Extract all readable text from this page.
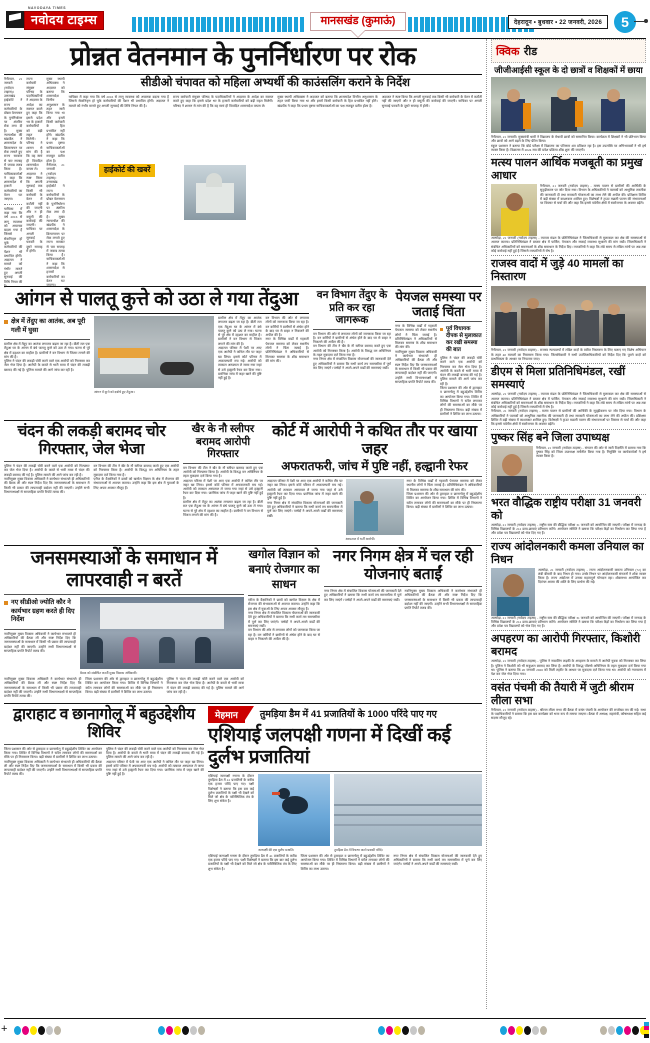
NAVODAYA TIMES
नवोदय टाइम्स	मानसखंड (कुमाऊं)	देहरादून • बुधवार • 22 जनवरी, 2026	5
प्रोन्नत वेतनमान के पुनर्निर्धारण पर रोक
नैनीताल, 21 जनवरी (नवोदय टाइम्स)। उत्तराखंड हाईकोर्ट ने राज्य कर्मचारियों के प्रोन्नत वेतनमान के पुनर्निर्धारण पर अंतरिम रोक लगा दी है। मुख्य न्यायाधीश की खंडपीठ ने शासनादेश के क्रियान्वयन पर रोक लगाते हुए राज्य सरकार से चार सप्ताह में जवाब तलब किया है। याचिकाकर्ताओं ने कहा कि शासनादेश से हजारों कर्मचारियों का वेतन घट जाएगा।
याचिका में कहा गया कि वर्ष 2016 से लागू व्यवस्था को अचानक बदला गया है जिससे सेवानिवृत्त हो चुके कर्मचारियों की पेंशन भी प्रभावित होगी। अदालत ने मामले को गंभीर मानते हुए अगली सुनवाई की तिथि नियत की है।
राज्य कर्मचारी संयुक्त परिषद के पदाधिकारियों ने अदालत के आदेश का स्वागत करते हुए कहा कि इससे प्रदेश भर के हजारों कर्मचारियों को बड़ी राहत मिलेगी। परिषद ने शासन से मांग की है कि वह स्वयं ही विवादित शासनादेश वापस ले।
अदालत ने स्पष्ट किया कि अगली सुनवाई तक किसी भी कर्मचारी के वेतन में कटौती नहीं की जाएगी और न ही वसूली की कार्रवाई की जाएगी। याचिका पर अगली सुनवाई फरवरी के दूसरे सप्ताह में होगी।
मुख्य स्थायी अधिवक्ता ने अदालत को बताया कि शासनादेश वित्तीय अनुशासन के तहत जारी किया गया था और इसमें किसी कर्मचारी के हित प्रभावित नहीं होंगे। खंडपीठ ने कहा कि प्रथम दृष्टया याचिकाकर्ताओं का पक्ष मजबूत प्रतीत होता है।
नैनीताल, 21 जनवरी (नवोदय टाइम्स)। उत्तराखंड हाईकोर्ट ने राज्य कर्मचारियों के प्रोन्नत वेतनमान के पुनर्निर्धारण पर अंतरिम रोक लगा दी है। मुख्य न्यायाधीश की खंडपीठ ने शासनादेश के क्रियान्वयन पर रोक लगाते हुए राज्य सरकार से चार सप्ताह में जवाब तलब किया है। याचिकाकर्ताओं ने कहा कि शासनादेश से हजारों कर्मचारियों का वेतन घट जाएगा।
सीडीओ चंपावत को महिला अभ्यर्थी की काउंसलिंग कराने के निर्देश
याचिका में कहा गया कि वर्ष 2016 से लागू व्यवस्था को अचानक बदला गया है जिससे सेवानिवृत्त हो चुके कर्मचारियों की पेंशन भी प्रभावित होगी। अदालत ने मामले को गंभीर मानते हुए अगली सुनवाई की तिथि नियत की है।
राज्य कर्मचारी संयुक्त परिषद के पदाधिकारियों ने अदालत के आदेश का स्वागत करते हुए कहा कि इससे प्रदेश भर के हजारों कर्मचारियों को बड़ी राहत मिलेगी। परिषद ने शासन से मांग की है कि वह स्वयं ही विवादित शासनादेश वापस ले।
मुख्य स्थायी अधिवक्ता ने अदालत को बताया कि शासनादेश वित्तीय अनुशासन के तहत जारी किया गया था और इसमें किसी कर्मचारी के हित प्रभावित नहीं होंगे। खंडपीठ ने कहा कि प्रथम दृष्टया याचिकाकर्ताओं का पक्ष मजबूत प्रतीत होता है।
अदालत ने स्पष्ट किया कि अगली सुनवाई तक किसी भी कर्मचारी के वेतन में कटौती नहीं की जाएगी और न ही वसूली की कार्रवाई की जाएगी। याचिका पर अगली सुनवाई फरवरी के दूसरे सप्ताह में होगी।
हाईकोर्ट की खबरें
आंगन से पालतू कुत्ते को उठा ले गया तेंदुआ
क्षेत्र में तेंदुए का आतंक, अब पूरी गली में घुसा
ग्रामीण क्षेत्र में तेंदुए का आतंक लगातार बढ़ता जा रहा है। बीती रात एक तेंदुआ घर के आंगन में बंधे पालतू कुत्ते को उठा ले गया। घटना से पूरे क्षेत्र में दहशत का माहौल है। ग्रामीणों ने वन विभाग से पिंजरा लगाने की मांग की है।
पुलिस ने चंदन की लकड़ी चोरी करने वाले एक आरोपी को गिरफ्तार कर जेल भेज दिया है। आरोपी के कब्जे से भारी मात्रा में चंदन की लकड़ी बरामद की गई है। पुलिस मामले की आगे जांच कर रही है।
आंगन में कुत्ते को दबोचे हुए तेंदुआ।
ग्रामीण क्षेत्र में तेंदुए का आतंक लगातार बढ़ता जा रहा है। बीती रात एक तेंदुआ घर के आंगन में बंधे पालतू कुत्ते को उठा ले गया। घटना से पूरे क्षेत्र में दहशत का माहौल है। ग्रामीणों ने वन विभाग से पिंजरा लगाने की मांग की है।
अदालत परिसर में पेशी पर आए एक आरोपी ने कथित तौर पर जहर खा लिया। इससे कोर्ट परिसर में अफरातफरी मच गई। आरोपी को तत्काल अस्पताल ले जाया गया जहां से उसे हल्द्वानी रेफर कर दिया गया। प्रारंभिक जांच में जहर खाने की पुष्टि नहीं हुई है।
वन विभाग की ओर से लगातार लोगों को जागरूक किया जा रहा है। वन कर्मियों ने ग्रामीणों से अंधेरा होने के बाद घर से बाहर न निकलने की अपील की है।
नगर के विभिन्न वार्डों में गहराती पेयजल समस्या को लेकर स्थानीय लोगों ने चिंता जताई है। प्रतिनिधिमंडल ने अधिकारियों से मिलकर समस्या के शीघ्र समाधान की मांग की।
वन विभाग तेंदुए के प्रति कर रहा जागरूक
वन विभाग की ओर से लगातार लोगों को जागरूक किया जा रहा है। वन कर्मियों ने ग्रामीणों से अंधेरा होने के बाद घर से बाहर न निकलने की अपील की है।
वन विभाग की टीम ने खैर के नौ स्लीपर बरामद करते हुए एक आरोपी को गिरफ्तार किया है। आरोपी के विरुद्ध वन अधिनियम के तहत मुकदमा दर्ज किया गया है।
नगर निगम क्षेत्र में संचालित विकास योजनाओं की जानकारी देते हुए अधिकारियों ने बताया कि सभी कार्य तय समयसीमा में पूर्ण कर लिए जाएंगे। पार्षदों ने अपने-अपने वार्डों की समस्याएं रखीं।
पेयजल समस्या पर जताई चिंता
नगर के विभिन्न वार्डों में गहराती पेयजल समस्या को लेकर स्थानीय लोगों ने चिंता जताई है। प्रतिनिधिमंडल ने अधिकारियों से मिलकर समस्या के शीघ्र समाधान की मांग की।
नवनियुक्त मुख्य विकास अधिकारी ने कार्यभार संभालते ही अधिकारियों की बैठक ली और स्पष्ट निर्देश दिए कि जनसमस्याओं के समाधान में किसी भी प्रकार की लापरवाही बर्दाश्त नहीं की जाएगी। उन्होंने सभी विभागाध्यक्षों से साप्ताहिक प्रगति रिपोर्ट तलब की।
पूर्व विधायक दीपक से मुलाकात कर रखी समस्या की बात
पुलिस ने चंदन की लकड़ी चोरी करने वाले एक आरोपी को गिरफ्तार कर जेल भेज दिया है। आरोपी के कब्जे से भारी मात्रा में चंदन की लकड़ी बरामद की गई है। पुलिस मामले की आगे जांच कर रही है।
जिला प्रशासन की ओर से द्वाराहाट व छानागोलू में बहुउद्देशीय शिविर का आयोजन किया गया। शिविर में विभिन्न विभागों ने स्टॉल लगाकर लोगों की समस्याओं का मौके पर ही निस्तारण किया। बड़ी संख्या में ग्रामीणों ने शिविर का लाभ उठाया।
चंदन की लकड़ी बरामद चोर गिरफ्तार, जेल भेजा
पुलिस ने चंदन की लकड़ी चोरी करने वाले एक आरोपी को गिरफ्तार कर जेल भेज दिया है। आरोपी के कब्जे से भारी मात्रा में चंदन की लकड़ी बरामद की गई है। पुलिस मामले की आगे जांच कर रही है।
नवनियुक्त मुख्य विकास अधिकारी ने कार्यभार संभालते ही अधिकारियों की बैठक ली और स्पष्ट निर्देश दिए कि जनसमस्याओं के समाधान में किसी भी प्रकार की लापरवाही बर्दाश्त नहीं की जाएगी। उन्होंने सभी विभागाध्यक्षों से साप्ताहिक प्रगति रिपोर्ट तलब की।
वन विभाग की टीम ने खैर के नौ स्लीपर बरामद करते हुए एक आरोपी को गिरफ्तार किया है। आरोपी के विरुद्ध वन अधिनियम के तहत मुकदमा दर्ज किया गया है।
एरीज के वैज्ञानिकों ने छात्रों को खगोल विज्ञान के क्षेत्र में रोजगार की संभावनाओं से अवगत कराया। उन्होंने कहा कि इस क्षेत्र में युवाओं के लिए अपार अवसर मौजूद हैं।
खैर के नौ स्लीपर बरामद आरोपी गिरफ्तार
वन विभाग की टीम ने खैर के नौ स्लीपर बरामद करते हुए एक आरोपी को गिरफ्तार किया है। आरोपी के विरुद्ध वन अधिनियम के तहत मुकदमा दर्ज किया गया है।
अदालत परिसर में पेशी पर आए एक आरोपी ने कथित तौर पर जहर खा लिया। इससे कोर्ट परिसर में अफरातफरी मच गई। आरोपी को तत्काल अस्पताल ले जाया गया जहां से उसे हल्द्वानी रेफर कर दिया गया। प्रारंभिक जांच में जहर खाने की पुष्टि नहीं हुई है।
ग्रामीण क्षेत्र में तेंदुए का आतंक लगातार बढ़ता जा रहा है। बीती रात एक तेंदुआ घर के आंगन में बंधे पालतू कुत्ते को उठा ले गया। घटना से पूरे क्षेत्र में दहशत का माहौल है। ग्रामीणों ने वन विभाग से पिंजरा लगाने की मांग की है।
कोर्ट में आरोपी ने कथित तौर पर खाया जहर
अफरातफरी, जांच में पुष्टि नहीं, हल्द्वानी रेफर
अदालत परिसर में पेशी पर आए एक आरोपी ने कथित तौर पर जहर खा लिया। इससे कोर्ट परिसर में अफरातफरी मच गई। आरोपी को तत्काल अस्पताल ले जाया गया जहां से उसे हल्द्वानी रेफर कर दिया गया। प्रारंभिक जांच में जहर खाने की पुष्टि नहीं हुई है।
नगर निगम क्षेत्र में संचालित विकास योजनाओं की जानकारी देते हुए अधिकारियों ने बताया कि सभी कार्य तय समयसीमा में पूर्ण कर लिए जाएंगे। पार्षदों ने अपने-अपने वार्डों की समस्याएं रखीं।
अस्पताल में भर्ती आरोपी।
नगर के विभिन्न वार्डों में गहराती पेयजल समस्या को लेकर स्थानीय लोगों ने चिंता जताई है। प्रतिनिधिमंडल ने अधिकारियों से मिलकर समस्या के शीघ्र समाधान की मांग की।
जिला प्रशासन की ओर से द्वाराहाट व छानागोलू में बहुउद्देशीय शिविर का आयोजन किया गया। शिविर में विभिन्न विभागों ने स्टॉल लगाकर लोगों की समस्याओं का मौके पर ही निस्तारण किया। बड़ी संख्या में ग्रामीणों ने शिविर का लाभ उठाया।
जनसमस्याओं के समाधान में लापरवाही न बरतें
नए सीडीओ ज्योति कौर ने कार्यभार ग्रहण करते ही दिए निर्देश
नवनियुक्त मुख्य विकास अधिकारी ने कार्यभार संभालते ही अधिकारियों की बैठक ली और स्पष्ट निर्देश दिए कि जनसमस्याओं के समाधान में किसी भी प्रकार की लापरवाही बर्दाश्त नहीं की जाएगी। उन्होंने सभी विभागाध्यक्षों से साप्ताहिक प्रगति रिपोर्ट तलब की।
बैठक को संबोधित करतीं मुख्य विकास अधिकारी।
नवनियुक्त मुख्य विकास अधिकारी ने कार्यभार संभालते ही अधिकारियों की बैठक ली और स्पष्ट निर्देश दिए कि जनसमस्याओं के समाधान में किसी भी प्रकार की लापरवाही बर्दाश्त नहीं की जाएगी। उन्होंने सभी विभागाध्यक्षों से साप्ताहिक प्रगति रिपोर्ट तलब की।
जिला प्रशासन की ओर से द्वाराहाट व छानागोलू में बहुउद्देशीय शिविर का आयोजन किया गया। शिविर में विभिन्न विभागों ने स्टॉल लगाकर लोगों की समस्याओं का मौके पर ही निस्तारण किया। बड़ी संख्या में ग्रामीणों ने शिविर का लाभ उठाया।
पुलिस ने चंदन की लकड़ी चोरी करने वाले एक आरोपी को गिरफ्तार कर जेल भेज दिया है। आरोपी के कब्जे से भारी मात्रा में चंदन की लकड़ी बरामद की गई है। पुलिस मामले की आगे जांच कर रही है।
खगोल विज्ञान को बनाएं रोजगार का साधन
एरीज के वैज्ञानिकों ने छात्रों को खगोल विज्ञान के क्षेत्र में रोजगार की संभावनाओं से अवगत कराया। उन्होंने कहा कि इस क्षेत्र में युवाओं के लिए अपार अवसर मौजूद हैं।
नगर निगम क्षेत्र में संचालित विकास योजनाओं की जानकारी देते हुए अधिकारियों ने बताया कि सभी कार्य तय समयसीमा में पूर्ण कर लिए जाएंगे। पार्षदों ने अपने-अपने वार्डों की समस्याएं रखीं।
वन विभाग की ओर से लगातार लोगों को जागरूक किया जा रहा है। वन कर्मियों ने ग्रामीणों से अंधेरा होने के बाद घर से बाहर न निकलने की अपील की है।
नगर निगम क्षेत्र में चल रही योजनाएं बताईं
नगर निगम क्षेत्र में संचालित विकास योजनाओं की जानकारी देते हुए अधिकारियों ने बताया कि सभी कार्य तय समयसीमा में पूर्ण कर लिए जाएंगे। पार्षदों ने अपने-अपने वार्डों की समस्याएं रखीं।
नवनियुक्त मुख्य विकास अधिकारी ने कार्यभार संभालते ही अधिकारियों की बैठक ली और स्पष्ट निर्देश दिए कि जनसमस्याओं के समाधान में किसी भी प्रकार की लापरवाही बर्दाश्त नहीं की जाएगी। उन्होंने सभी विभागाध्यक्षों से साप्ताहिक प्रगति रिपोर्ट तलब की।
द्वाराहाट व छानागोलू में बहुउद्देशीय शिविर
जिला प्रशासन की ओर से द्वाराहाट व छानागोलू में बहुउद्देशीय शिविर का आयोजन किया गया। शिविर में विभिन्न विभागों ने स्टॉल लगाकर लोगों की समस्याओं का मौके पर ही निस्तारण किया। बड़ी संख्या में ग्रामीणों ने शिविर का लाभ उठाया।
नवनियुक्त मुख्य विकास अधिकारी ने कार्यभार संभालते ही अधिकारियों की बैठक ली और स्पष्ट निर्देश दिए कि जनसमस्याओं के समाधान में किसी भी प्रकार की लापरवाही बर्दाश्त नहीं की जाएगी। उन्होंने सभी विभागाध्यक्षों से साप्ताहिक प्रगति रिपोर्ट तलब की।
पुलिस ने चंदन की लकड़ी चोरी करने वाले एक आरोपी को गिरफ्तार कर जेल भेज दिया है। आरोपी के कब्जे से भारी मात्रा में चंदन की लकड़ी बरामद की गई है। पुलिस मामले की आगे जांच कर रही है।
अदालत परिसर में पेशी पर आए एक आरोपी ने कथित तौर पर जहर खा लिया। इससे कोर्ट परिसर में अफरातफरी मच गई। आरोपी को तत्काल अस्पताल ले जाया गया जहां से उसे हल्द्वानी रेफर कर दिया गया। प्रारंभिक जांच में जहर खाने की पुष्टि नहीं हुई है।
मेहमान	तुमड़िया डैम में 41 प्रजातियों के 1000 परिंदे पाए गए
एशियाई जलपक्षी गणना में दिखीं कई दुर्लभ प्रजातियां
एशियाई जलपक्षी गणना के दौरान तुमड़िया डैम में 41 प्रजातियों के करीब एक हजार परिंदे पाए गए। पक्षी विशेषज्ञों ने बताया कि इस बार कई दुर्लभ प्रजातियों के पक्षी भी देखने को मिले जो क्षेत्र के पारिस्थितिक तंत्र के लिए शुभ संकेत है।
जलपक्षी की एक दुर्लभ प्रजाति।	तुमड़िया डैम में विचरण करते प्रवासी परिंदे।
एशियाई जलपक्षी गणना के दौरान तुमड़िया डैम में 41 प्रजातियों के करीब एक हजार परिंदे पाए गए। पक्षी विशेषज्ञों ने बताया कि इस बार कई दुर्लभ प्रजातियों के पक्षी भी देखने को मिले जो क्षेत्र के पारिस्थितिक तंत्र के लिए शुभ संकेत है।
जिला प्रशासन की ओर से द्वाराहाट व छानागोलू में बहुउद्देशीय शिविर का आयोजन किया गया। शिविर में विभिन्न विभागों ने स्टॉल लगाकर लोगों की समस्याओं का मौके पर ही निस्तारण किया। बड़ी संख्या में ग्रामीणों ने शिविर का लाभ उठाया।
नगर निगम क्षेत्र में संचालित विकास योजनाओं की जानकारी देते हुए अधिकारियों ने बताया कि सभी कार्य तय समयसीमा में पूर्ण कर लिए जाएंगे। पार्षदों ने अपने-अपने वार्डों की समस्याएं रखीं।
क्विक रीड
जीजीआईसी स्कूल के दो छात्रों व शिक्षकों में छाया
नैनीताल, 21 जनवरी। मुख्यमंत्री धामी ने विद्यालय के मेधावी छात्रों को सम्मानित किया। कार्यक्रम में शिक्षकों ने भी प्रतिभाग किया और छात्रों को आगे बढ़ने के लिए प्रेरित किया।
स्कूल प्रशासन ने बताया कि बोर्ड परीक्षा में विद्यालय का परिणाम शत प्रतिशत रहा है। इस उपलब्धि पर अभिभावकों ने भी हर्ष व्यक्त किया है। विद्यालय में 2024 सत्र की प्रवेश प्रक्रिया शीघ्र शुरू की जाएगी।
मत्स्य पालन आर्थिक मजबूती का प्रमुख आधार
नैनीताल, 21 जनवरी (नवोदय टाइम्स) - मत्स्य पालन से ग्रामीणों की आर्थिकी के सुदृढ़ीकरण पर जोर दिया गया। विभाग के अधिकारियों ने पालकों को आधुनिक तकनीक की जानकारी दी तथा सरकारी योजनाओं का लाभ लेने की अपील की। प्रशिक्षण शिविर में बड़ी संख्या में काश्तकार शामिल हुए। विशेषज्ञों ने ट्राउट मछली पालन की संभावनाओं पर विस्तार से चर्चा की और कहा कि इससे पर्वतीय क्षेत्रों में स्वरोजगार के अवसर बढ़ेंगे।
अल्मोड़ा, 21 जनवरी (नवोदय टाइम्स) - व्यापार मंडल के प्रतिनिधिमंडल ने जिलाधिकारी से मुलाकात कर क्षेत्र की समस्याओं से अवगत कराया। प्रतिनिधिमंडल ने बाजार क्षेत्र में पार्किंग, पेयजल और सफाई व्यवस्था सुधारने की मांग रखी। जिलाधिकारी ने संबंधित अधिकारियों को समस्याओं के शीघ्र समाधान के निर्देश दिए। व्यापारियों ने कहा कि लंबे समय से लंबित मांगों पर अब तक कोई कार्रवाई नहीं हुई है जिससे व्यापारियों में रोष है।
राजस्व वादों में जुड़े 40 मामलों का निस्तारण
नैनीताल, 21 जनवरी (नवोदय टाइम्स) - राजस्व न्यायालयों में लंबित वादों के त्वरित निस्तारण के लिए चलाए गए विशेष अभियान के तहत 40 मामलों का निस्तारण किया गया। जिलाधिकारी ने सभी उपजिलाधिकारियों को निर्देश दिए कि पुराने वादों को प्राथमिकता के आधार पर निपटाया जाए।
डीएम से मिला प्रतिनिधिमंडल, रखीं समस्याएं
अल्मोड़ा, 21 जनवरी (नवोदय टाइम्स) - व्यापार मंडल के प्रतिनिधिमंडल ने जिलाधिकारी से मुलाकात कर क्षेत्र की समस्याओं से अवगत कराया। प्रतिनिधिमंडल ने बाजार क्षेत्र में पार्किंग, पेयजल और सफाई व्यवस्था सुधारने की मांग रखी। जिलाधिकारी ने संबंधित अधिकारियों को समस्याओं के शीघ्र समाधान के निर्देश दिए। व्यापारियों ने कहा कि लंबे समय से लंबित मांगों पर अब तक कोई कार्रवाई नहीं हुई है जिससे व्यापारियों में रोष है।
नैनीताल, 21 जनवरी (नवोदय टाइम्स) - मत्स्य पालन से ग्रामीणों की आर्थिकी के सुदृढ़ीकरण पर जोर दिया गया। विभाग के अधिकारियों ने पालकों को आधुनिक तकनीक की जानकारी दी तथा सरकारी योजनाओं का लाभ लेने की अपील की। प्रशिक्षण शिविर में बड़ी संख्या में काश्तकार शामिल हुए। विशेषज्ञों ने ट्राउट मछली पालन की संभावनाओं पर विस्तार से चर्चा की और कहा कि इससे पर्वतीय क्षेत्रों में स्वरोजगार के अवसर बढ़ेंगे।
पुष्कर सिंह बने जिला उपाध्यक्ष
नैनीताल, 21 जनवरी (नवोदय टाइम्स) - संगठन की ओर से जारी विज्ञप्ति में बताया गया कि पुष्कर सिंह को जिला उपाध्यक्ष मनोनीत किया गया है। नियुक्ति पर कार्यकर्ताओं ने हर्ष व्यक्त किया है।
भरत वौद्धिक राष्ट्रीय परीक्षा 31 जनवरी को
अल्मोड़ा, 21 जनवरी (नवोदय टाइम्स) - राष्ट्रीय स्तर की बौद्धिक परीक्षा 31 जनवरी को आयोजित की जाएगी। परीक्षा में जनपद के विभिन्न विद्यालयों के 212 छात्र-छात्राएं प्रतिभाग करेंगे। आयोजन समिति ने बताया कि परीक्षा केंद्रों का निर्धारण कर लिया गया है और प्रवेश पत्र विद्यालयों को भेज दिए गए हैं।
राज्य आंदोलनकारी कमला उनियाल का निधन
अल्मोड़ा, 21 जनवरी (नवोदय टाइम्स) - राज्य आंदोलनकारी कमला उनियाल (72) का लंबी बीमारी के बाद निधन हो गया। उनके निधन पर आंदोलनकारी संगठनों ने शोक व्यक्त किया है। राज्य आंदोलन में उनका महत्वपूर्ण योगदान रहा। शोकसभा आयोजित कर दिवंगत आत्मा की शांति के लिए प्रार्थना की गई।
अल्मोड़ा, 21 जनवरी (नवोदय टाइम्स) - राष्ट्रीय स्तर की बौद्धिक परीक्षा 31 जनवरी को आयोजित की जाएगी। परीक्षा में जनपद के विभिन्न विद्यालयों के 212 छात्र-छात्राएं प्रतिभाग करेंगे। आयोजन समिति ने बताया कि परीक्षा केंद्रों का निर्धारण कर लिया गया है और प्रवेश पत्र विद्यालयों को भेज दिए गए हैं।
अपहरण का आरोपी गिरफ्तार, किशोरी बरामद
अल्मोड़ा, 21 जनवरी (नवोदय टाइम्स) - पुलिस ने नाबालिग लड़की के अपहरण के मामले में आरोपी युवक को गिरफ्तार कर लिया है। पुलिस ने किशोरी को भी सकुशल बरामद कर लिया है। आरोपी के विरुद्ध पॉक्सो अधिनियम के तहत मुकदमा दर्ज किया गया था। पुलिस ने बताया कि 20 जनवरी 2026 को मिली तहरीर के आधार पर मुकदमा दर्ज किया गया था। आरोपी को न्यायालय में पेश कर जेल भेज दिया गया।
वसंत पंचमी की तैयारी में जुटी श्रीराम लीला सभा
नैनीताल, 21 जनवरी (नवोदय टाइम्स) - श्रीराम लीला सभा की बैठक में वसंत पंचमी के आयोजन की रूपरेखा तय की गई। सभा के पदाधिकारियों ने बताया कि इस बार कार्यक्रम को भव्य रूप से मनाया जाएगा। बैठक में अध्यक्ष, महामंत्री, कोषाध्यक्ष सहित कई सदस्य मौजूद रहे।
+
